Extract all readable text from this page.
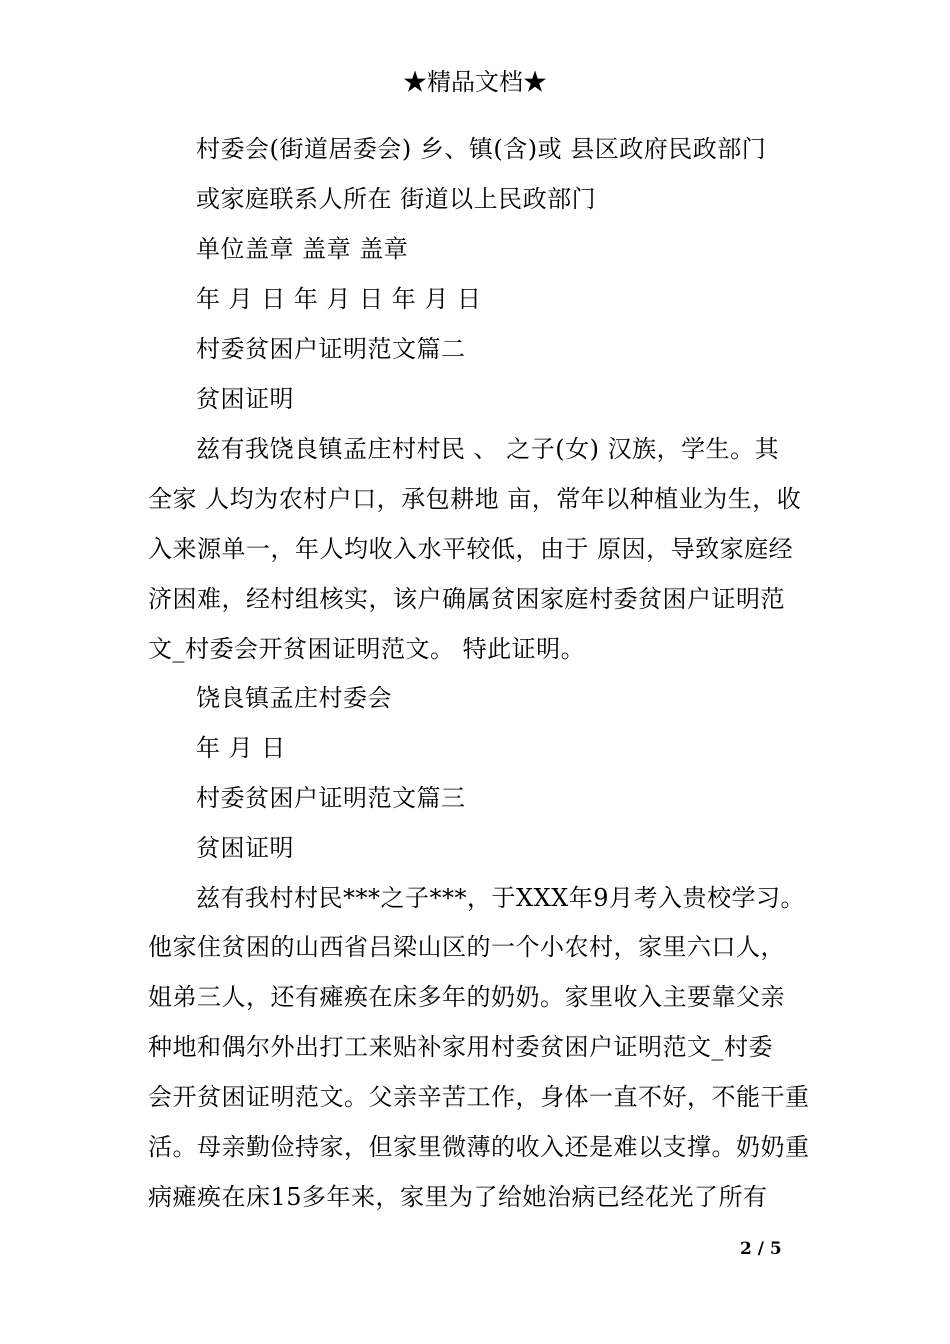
★精品文档★
村委会(街道居委会) 乡、镇(含)或 县区政府民政部门
或家庭联系人所在 街道以上民政部门
单位盖章 盖章 盖章
年 月 日 年 月 日 年 月 日
村委贫困户证明范文篇二
贫困证明
兹有我饶良镇孟庄村村民 、 之子(女) 汉族，学生。其
全家 人均为农村户口，承包耕地 亩，常年以种植业为生，收
入来源单一，年人均收入水平较低，由于 原因，导致家庭经
济困难，经村组核实，该户确属贫困家庭村委贫困户证明范
文_村委会开贫困证明范文。 特此证明。
饶良镇孟庄村委会
年 月 日
村委贫困户证明范文篇三
贫困证明
兹有我村村民***之子***，于XXX年9月考入贵校学习。
他家住贫困的山西省吕梁山区的一个小农村，家里六口人，
姐弟三人，还有瘫痪在床多年的奶奶。家里收入主要靠父亲
种地和偶尔外出打工来贴补家用村委贫困户证明范文_村委
会开贫困证明范文。父亲辛苦工作，身体一直不好，不能干重
活。母亲勤俭持家，但家里微薄的收入还是难以支撑。奶奶重
病瘫痪在床15多年来，家里为了给她治病已经花光了所有
2 / 5
